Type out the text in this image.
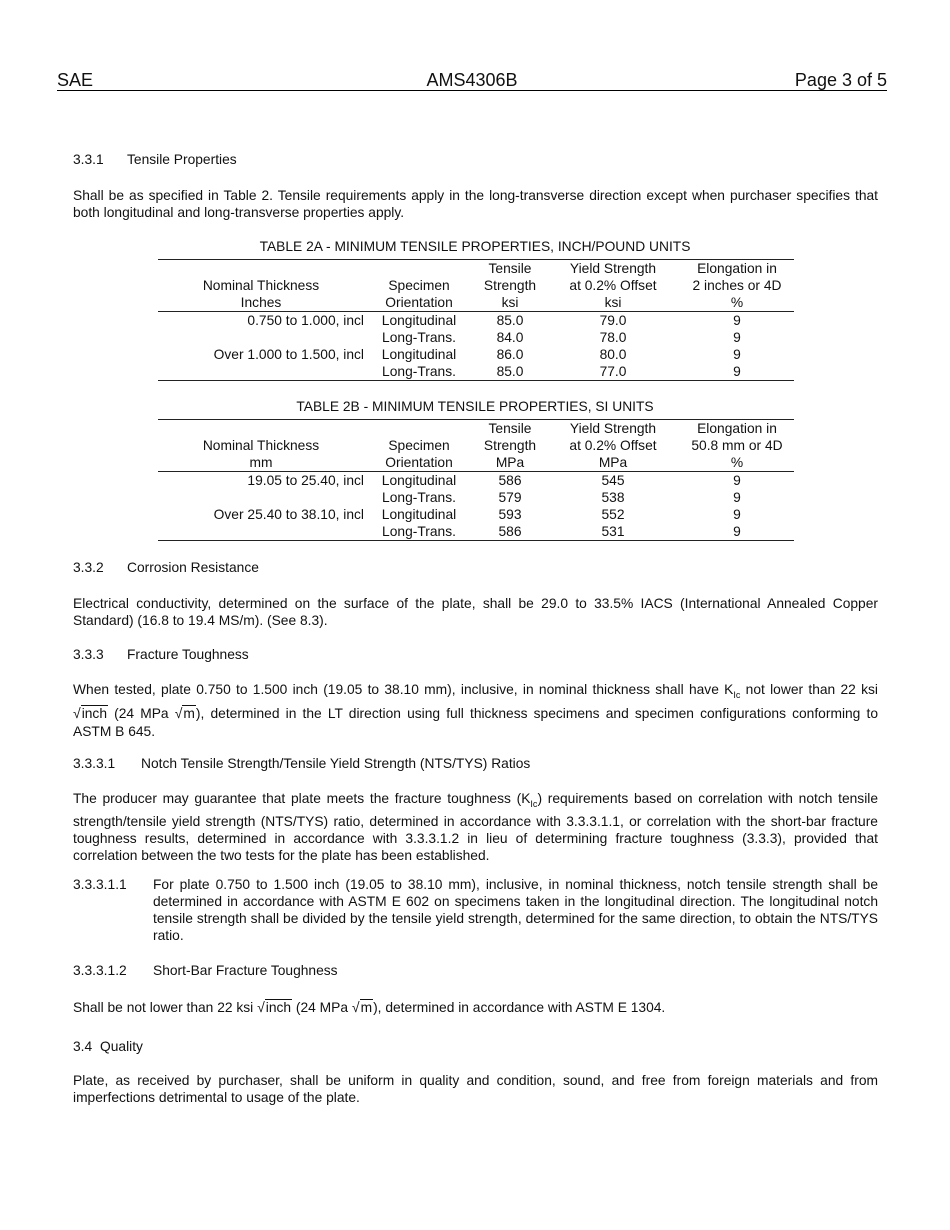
SAE	AMS4306B	Page 3 of 5
3.3.1 Tensile Properties

Shall be as specified in Table 2. Tensile requirements apply in the long-transverse direction except when purchaser specifies that both longitudinal and long-transverse properties apply.

TABLE 2A - MINIMUM TENSILE PROPERTIES, INCH/POUND UNITS
		Tensile	Yield Strength	Elongation in
Nominal Thickness	Specimen	Strength	at 0.2% Offset	2 inches or 4D
Inches	Orientation	ksi	ksi	%
0.750 to 1.000, incl	Longitudinal	85.0	79.0	9
	Long-Trans.	84.0	78.0	9
Over 1.000 to 1.500, incl	Longitudinal	86.0	80.0	9
	Long-Trans.	85.0	77.0	9
TABLE 2B - MINIMUM TENSILE PROPERTIES, SI UNITS
		Tensile	Yield Strength	Elongation in
Nominal Thickness	Specimen	Strength	at 0.2% Offset	50.8 mm or 4D
mm	Orientation	MPa	MPa	%
19.05 to 25.40, incl	Longitudinal	586	545	9
	Long-Trans.	579	538	9
Over 25.40 to 38.10, incl	Longitudinal	593	552	9
	Long-Trans.	586	531	9
3.3.2 Corrosion Resistance

Electrical conductivity, determined on the surface of the plate, shall be 29.0 to 33.5% IACS (International Annealed Copper Standard) (16.8 to 19.4 MS/m). (See 8.3).

3.3.3 Fracture Toughness

When tested, plate 0.750 to 1.500 inch (19.05 to 38.10 mm), inclusive, in nominal thickness shall have $K_{Ic}$ not lower than 22 ksi √inch (24 MPa √m), determined in the LT direction using full thickness specimens and specimen configurations conforming to ASTM B 645.

3.3.3.1 Notch Tensile Strength/Tensile Yield Strength (NTS/TYS) Ratios

The producer may guarantee that plate meets the fracture toughness $(K_{Ic})$ requirements based on correlation with notch tensile strength/tensile yield strength (NTS/TYS) ratio, determined in accordance with 3.3.3.1.1, or correlation with the short-bar fracture toughness results, determined in accordance with 3.3.3.1.2 in lieu of determining fracture toughness (3.3.3), provided that correlation between the two tests for the plate has been established.

3.3.3.1.1 For plate 0.750 to 1.500 inch (19.05 to 38.10 mm), inclusive, in nominal thickness, notch tensile strength shall be determined in accordance with ASTM E 602 on specimens taken in the longitudinal direction. The longitudinal notch tensile strength shall be divided by the tensile yield strength, determined for the same direction, to obtain the NTS/TYS ratio.
3.3.3.1.2 Short-Bar Fracture Toughness

Shall be not lower than 22 ksi √inch (24 MPa √m), determined in accordance with ASTM E 1304.

3.4 Quality

Plate, as received by purchaser, shall be uniform in quality and condition, sound, and free from foreign materials and from imperfections detrimental to usage of the plate.
